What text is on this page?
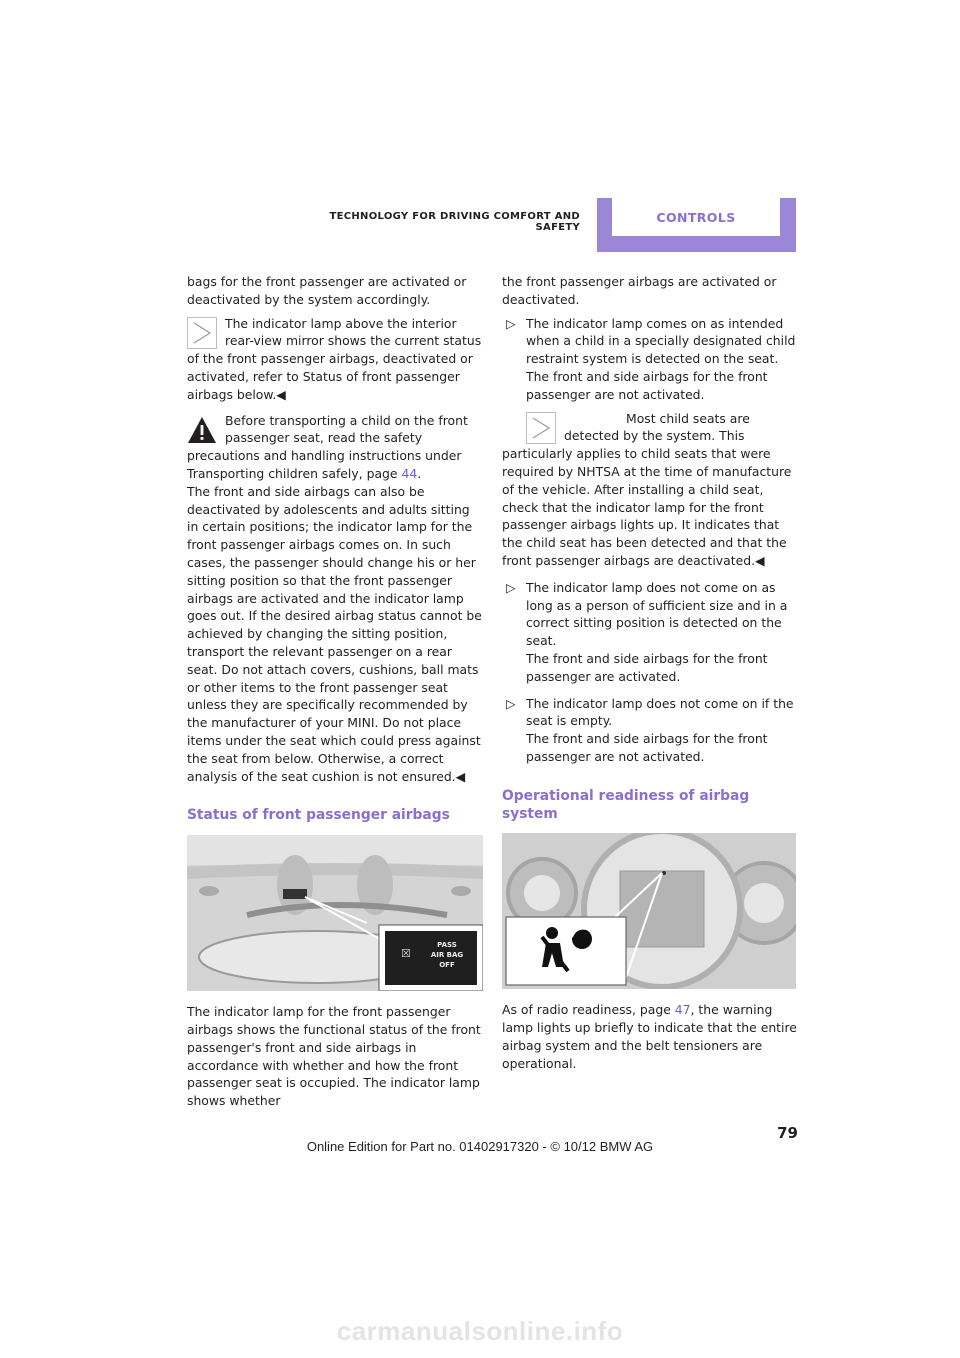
TECHNOLOGY FOR DRIVING COMFORT AND SAFETY
CONTROLS

bags for the front passenger are activated or deactivated by the system accordingly.

The indicator lamp above the interior rear-view mirror shows the current status of the front passenger airbags, deactivated or activated, refer to Status of front passenger airbags below.◀

Before transporting a child on the front passenger seat, read the safety precautions and handling instructions under Transporting children safely, page 44.

The front and side airbags can also be deactivated by adolescents and adults sitting in certain positions; the indicator lamp for the front passenger airbags comes on. In such cases, the passenger should change his or her sitting position so that the front passenger airbags are activated and the indicator lamp goes out. If the desired airbag status cannot be achieved by changing the sitting position, transport the relevant passenger on a rear seat. Do not attach covers, cushions, ball mats or other items to the front passenger seat unless they are specifically recommended by the manufacturer of your MINI. Do not place items under the seat which could press against the seat from below. Otherwise, a correct analysis of the seat cushion is not ensured.◀

Status of front passenger airbags
☒
PASS
AIR BAG
OFF

The indicator lamp for the front passenger airbags shows the functional status of the front passenger's front and side airbags in accordance with whether and how the front passenger seat is occupied. The indicator lamp shows whether

the front passenger airbags are activated or deactivated.

▷ The indicator lamp comes on as intended when a child in a specially designated child restraint system is detected on the seat.

The front and side airbags for the front passenger are not activated.

Most child seats are detected by the system. This particularly applies to child seats that were required by NHTSA at the time of manufacture of the vehicle. After installing a child seat, check that the indicator lamp for the front passenger airbags lights up. It indicates that the child seat has been detected and that the front passenger airbags are deactivated.◀

▷ The indicator lamp does not come on as long as a person of sufficient size and in a correct sitting position is detected on the seat.

The front and side airbags for the front passenger are activated.

▷ The indicator lamp does not come on if the seat is empty.

The front and side airbags for the front passenger are not activated.

Operational readiness of airbag system

As of radio readiness, page 47, the warning lamp lights up briefly to indicate that the entire airbag system and the belt tensioners are operational.

79
Online Edition for Part no. 01402917320 - © 10/12 BMW AG
carmanualsonline.info
